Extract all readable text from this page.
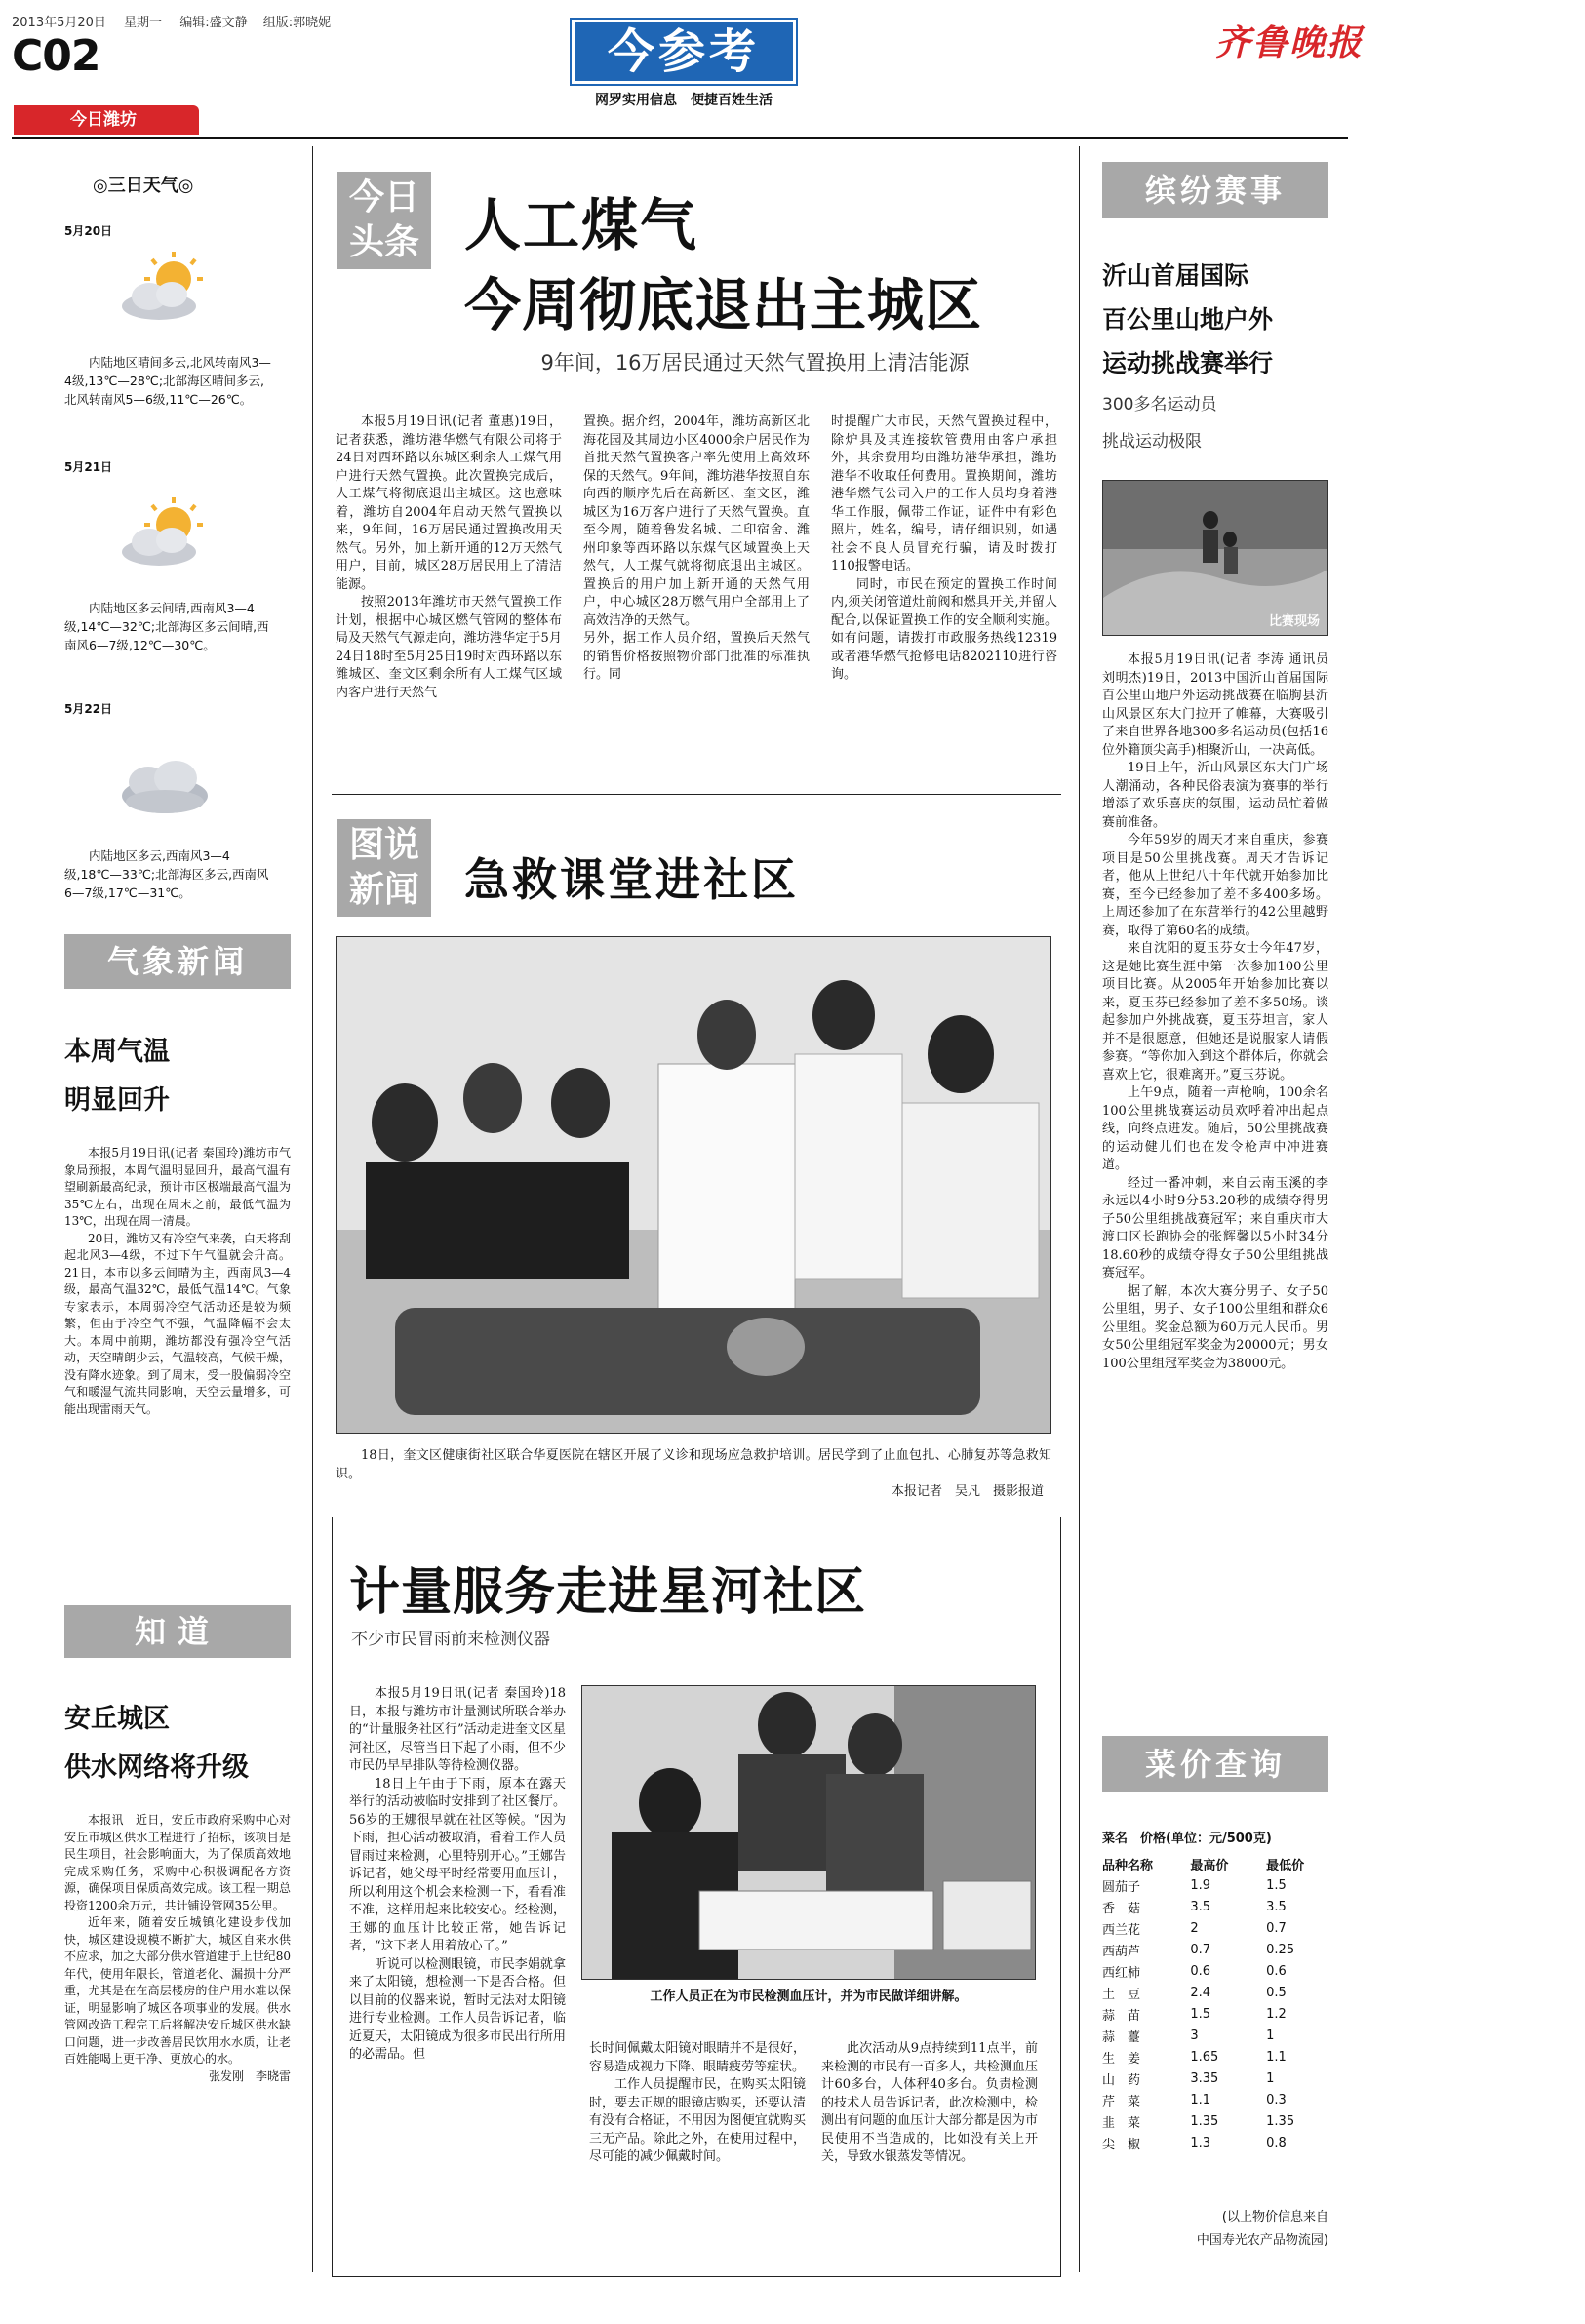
2013年5月20日 星期一 编辑:盛文静 组版:郭晓妮
C02
今日潍坊
今参考
网罗实用信息　便捷百姓生活
齐鲁晚报
◎三日天气◎
5月20日
内陆地区晴间多云,北风转南风3—4级,13℃—28℃;北部海区晴间多云,北风转南风5—6级,11℃—26℃。
5月21日
内陆地区多云间晴,西南风3—4级,14℃—32℃;北部海区多云间晴,西南风6—7级,12℃—30℃。
5月22日
内陆地区多云,西南风3—4级,18℃—33℃;北部海区多云,西南风6—7级,17℃—31℃。
气象新闻
本周气温
明显回升

本报5月19日讯(记者 秦国玲)潍坊市气象局预报，本周气温明显回升，最高气温有望刷新最高纪录，预计市区极端最高气温为35℃左右，出现在周末之前，最低气温为13℃，出现在周一清晨。

20日，潍坊又有冷空气来袭，白天将刮起北风3—4级，不过下午气温就会升高。21日，本市以多云间晴为主，西南风3—4级，最高气温32℃，最低气温14℃。气象专家表示，本周弱冷空气活动还是较为频繁，但由于冷空气不强，气温降幅不会太大。本周中前期，潍坊都没有强冷空气活动，天空晴朗少云，气温较高，气候干燥，没有降水迹象。到了周末，受一股偏弱冷空气和暖湿气流共同影响，天空云量增多，可能出现雷雨天气。

知道
安丘城区
供水网络将升级

本报讯　近日，安丘市政府采购中心对安丘市城区供水工程进行了招标，该项目是民生项目，社会影响面大，为了保质高效地完成采购任务，采购中心积极调配各方资源，确保项目保质高效完成。该工程一期总投资1200余万元，共计铺设管网35公里。

近年来，随着安丘城镇化建设步伐加快，城区建设规模不断扩大，城区自来水供不应求，加之大部分供水管道建于上世纪80年代，使用年限长，管道老化、漏损十分严重，尤其是在在高层楼房的住户用水难以保证，明显影响了城区各项事业的发展。供水管网改造工程完工后将解决安丘城区供水缺口问题，进一步改善居民饮用水水质，让老百姓能喝上更干净、更放心的水。

张发刚　李晓雷

今日头条 人工煤气
今周彻底退出主城区
9年间，16万居民通过天然气置换用上清洁能源

本报5月19日讯(记者 董惠)19日，记者获悉，潍坊港华燃气有限公司将于24日对西环路以东城区剩余人工煤气用户进行天然气置换。此次置换完成后，人工煤气将彻底退出主城区。这也意味着，潍坊自2004年启动天然气置换以来，9年间，16万居民通过置换改用天然气。另外，加上新开通的12万天然气用户，目前，城区28万居民用上了清洁能源。

按照2013年潍坊市天然气置换工作计划，根据中心城区燃气管网的整体布局及天然气气源走向，潍坊港华定于5月24日18时至5月25日19时对西环路以东潍城区、奎文区剩余所有人工煤气区域内客户进行天然气

置换。据介绍，2004年，潍坊高新区北海花园及其周边小区4000余户居民作为首批天然气置换客户率先使用上高效环保的天然气。9年间，潍坊港华按照自东向西的顺序先后在高新区、奎文区，潍城区为16万客户进行了天然气置换。直至今周，随着鲁发名城、二印宿舍、潍州印象等西环路以东煤气区域置换上天然气，人工煤气就将彻底退出主城区。置换后的用户加上新开通的天然气用户，中心城区28万燃气用户全部用上了高效洁净的天然气。

另外，据工作人员介绍，置换后天然气的销售价格按照物价部门批准的标准执行。同

时提醒广大市民，天然气置换过程中，除炉具及其连接软管费用由客户承担外，其余费用均由潍坊港华承担，潍坊港华不收取任何费用。置换期间，潍坊港华燃气公司入户的工作人员均身着港华工作服，佩带工作证，证件中有彩色照片，姓名，编号，请仔细识别，如遇社会不良人员冒充行骗，请及时拨打110报警电话。

同时，市民在预定的置换工作时间内,须关闭管道灶前阀和燃具开关,并留人配合,以保证置换工作的安全顺利实施。如有问题，请拨打市政服务热线12319或者港华燃气抢修电话8202110进行咨询。

图说新闻 急救课堂进社区

18日，奎文区健康街社区联合华夏医院在辖区开展了义诊和现场应急救护培训。居民学到了止血包扎、心肺复苏等急救知识。

本报记者　吴凡　摄影报道

计量服务走进星河社区
不少市民冒雨前来检测仪器

本报5月19日讯(记者 秦国玲)18日，本报与潍坊市计量测试所联合举办的“计量服务社区行”活动走进奎文区星河社区，尽管当日下起了小雨，但不少市民仍早早排队等待检测仪器。

18日上午由于下雨，原本在露天举行的活动被临时安排到了社区餐厅。56岁的王娜很早就在社区等候。“因为下雨，担心活动被取消，看着工作人员冒雨过来检测，心里特别开心。”王娜告诉记者，她父母平时经常要用血压计，所以利用这个机会来检测一下，看看准不准，这样用起来比较安心。经检测，王娜的血压计比较正常，她告诉记者，“这下老人用着放心了。”

听说可以检测眼镜，市民李娟就拿来了太阳镜，想检测一下是否合格。但以目前的仪器来说，暂时无法对太阳镜进行专业检测。工作人员告诉记者，临近夏天，太阳镜成为很多市民出行所用的必需品。但

工作人员正在为市民检测血压计，并为市民做详细讲解。

长时间佩戴太阳镜对眼睛并不是很好，容易造成视力下降、眼睛疲劳等症状。

工作人员提醒市民，在购买太阳镜时，要去正规的眼镜店购买，还要认清有没有合格证，不用因为图便宜就购买三无产品。除此之外，在使用过程中，尽可能的减少佩戴时间。

此次活动从9点持续到11点半，前来检测的市民有一百多人，共检测血压计60多台，人体秤40多台。负责检测的技术人员告诉记者，此次检测中，检测出有问题的血压计大部分都是因为市民使用不当造成的，比如没有关上开关，导致水银蒸发等情况。

缤纷赛事
沂山首届国际
百公里山地户外
运动挑战赛举行
300多名运动员
挑战运动极限
比赛现场

本报5月19日讯(记者 李涛 通讯员 刘明杰)19日，2013中国沂山首届国际百公里山地户外运动挑战赛在临朐县沂山风景区东大门拉开了帷幕，大赛吸引了来自世界各地300多名运动员(包括16位外籍顶尖高手)相聚沂山，一决高低。

19日上午，沂山风景区东大门广场人潮涌动，各种民俗表演为赛事的举行增添了欢乐喜庆的氛围，运动员忙着做赛前准备。

今年59岁的周天才来自重庆，参赛项目是50公里挑战赛。周天才告诉记者，他从上世纪八十年代就开始参加比赛，至今已经参加了差不多400多场。上周还参加了在东营举行的42公里越野赛，取得了第60名的成绩。

来自沈阳的夏玉芬女士今年47岁，这是她比赛生涯中第一次参加100公里项目比赛。从2005年开始参加比赛以来，夏玉芬已经参加了差不多50场。谈起参加户外挑战赛，夏玉芬坦言，家人并不是很愿意，但她还是说服家人请假参赛。“等你加入到这个群体后，你就会喜欢上它，很难离开。”夏玉芬说。

上午9点，随着一声枪响，100余名100公里挑战赛运动员欢呼着冲出起点线，向终点进发。随后，50公里挑战赛的运动健儿们也在发令枪声中冲进赛道。

经过一番冲刺，来自云南玉溪的李永远以4小时9分53.20秒的成绩夺得男子50公里组挑战赛冠军；来自重庆市大渡口区长跑协会的张辉馨以5小时34分18.60秒的成绩夺得女子50公里组挑战赛冠军。

据了解，本次大赛分男子、女子50公里组，男子、女子100公里组和群众6公里组。奖金总额为60万元人民币。男女50公里组冠军奖金为20000元；男女100公里组冠军奖金为38000元。

菜价查询
菜名　价格(单位：元/500克)
品种名称	最高价	最低价
圆茄子	1.9	1.5
香　菇	3.5	3.5
西兰花	2	0.7
西葫芦	0.7	0.25
西红柿	0.6	0.6
土　豆	2.4	0.5
蒜　苗	1.5	1.2
蒜　薹	3	1
生　姜	1.65	1.1
山　药	3.35	1
芹　菜	1.1	0.3
韭　菜	1.35	1.35
尖　椒	1.3	0.8
(以上物价信息来自
中国寿光农产品物流园)
